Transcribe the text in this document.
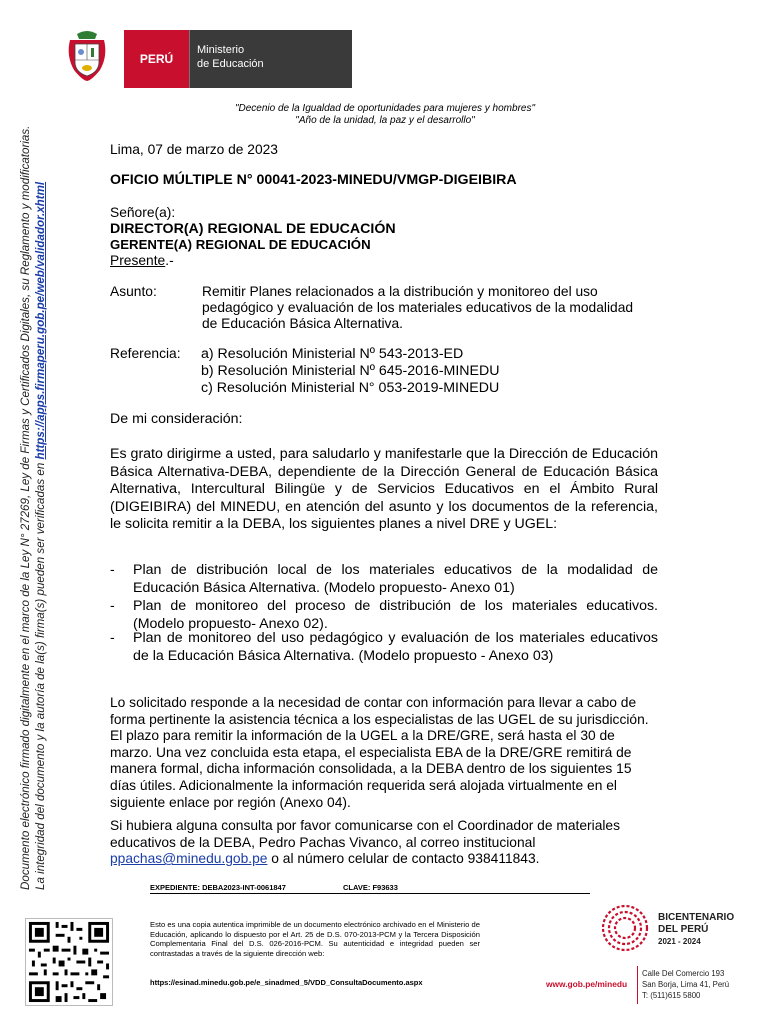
PERÚ
Ministerio
de Educación
"Decenio de la Igualdad de oportunidades para mujeres y hombres"
"Año de la unidad, la paz y el desarrollo"
Documento electrónico firmado digitalmente en el marco de la Ley N° 27269, Ley de Firmas y Certificados Digitales, su Reglamento y modificatorias. La integridad del documento y la autoría de la(s) firma(s) pueden ser verificadas en https://apps.firmaperu.gob.pe/web/validador.xhtml
Lima, 07 de marzo de 2023
OFICIO MÚLTIPLE N° 00041-2023-MINEDU/VMGP-DIGEIBIRA
Señore(a):
DIRECTOR(A) REGIONAL DE EDUCACIÓN
GERENTE(A) REGIONAL DE EDUCACIÓN
Presente.-
Asunto:	Remitir Planes relacionados a la distribución y monitoreo del uso pedagógico y evaluación de los materiales educativos de la modalidad de Educación Básica Alternativa.
Referencia: a) Resolución Ministerial Nº 543-2013-ED
b) Resolución Ministerial Nº 645-2016-MINEDU
c) Resolución Ministerial N° 053-2019-MINEDU
De mi consideración:
Es grato dirigirme a usted, para saludarlo y manifestarle que la Dirección de Educación Básica Alternativa-DEBA, dependiente de la Dirección General de Educación Básica Alternativa, Intercultural Bilingüe y de Servicios Educativos en el Ámbito Rural (DIGEIBIRA) del MINEDU, en atención del asunto y los documentos de la referencia, le solicita remitir a la DEBA, los siguientes planes a nivel DRE y UGEL:
- Plan de distribución local de los materiales educativos de la modalidad de Educación Básica Alternativa. (Modelo propuesto- Anexo 01)
- Plan de monitoreo del proceso de distribución de los materiales educativos. (Modelo propuesto- Anexo 02).
- Plan de monitoreo del uso pedagógico y evaluación de los materiales educativos de la Educación Básica Alternativa. (Modelo propuesto - Anexo 03)
Lo solicitado responde a la necesidad de contar con información para llevar a cabo de forma pertinente la asistencia técnica a los especialistas de las UGEL de su jurisdicción. El plazo para remitir la información de la UGEL a la DRE/GRE, será hasta el 30 de marzo. Una vez concluida esta etapa, el especialista EBA de la DRE/GRE remitirá de manera formal, dicha información consolidada, a la DEBA dentro de los siguientes 15 días útiles. Adicionalmente la información requerida será alojada virtualmente en el siguiente enlace por región (Anexo 04).
Si hubiera alguna consulta por favor comunicarse con el Coordinador de materiales educativos de la DEBA, Pedro Pachas Vivanco, al correo institucional
ppachas@minedu.gob.pe o al número celular de contacto 938411843.
EXPEDIENTE: DEBA2023-INT-0061847	CLAVE: F93633
Esto es una copia autentica imprimible de un documento electrónico archivado en el Ministerio de Educación, aplicando lo dispuesto por el Art. 25 de D.S. 070-2013-PCM y la Tercera Disposición Complementaria Final del D.S. 026-2016-PCM. Su autenticidad e integridad pueden ser contrastadas a través de la siguiente dirección web:
https://esinad.minedu.gob.pe/e_sinadmed_5/VDD_ConsultaDocumento.aspx
BICENTENARIO
DEL PERÚ
2021 - 2024
www.gob.pe/minedu
Calle Del Comercio 193
San Borja, Lima 41, Perú
T: (511)615 5800
